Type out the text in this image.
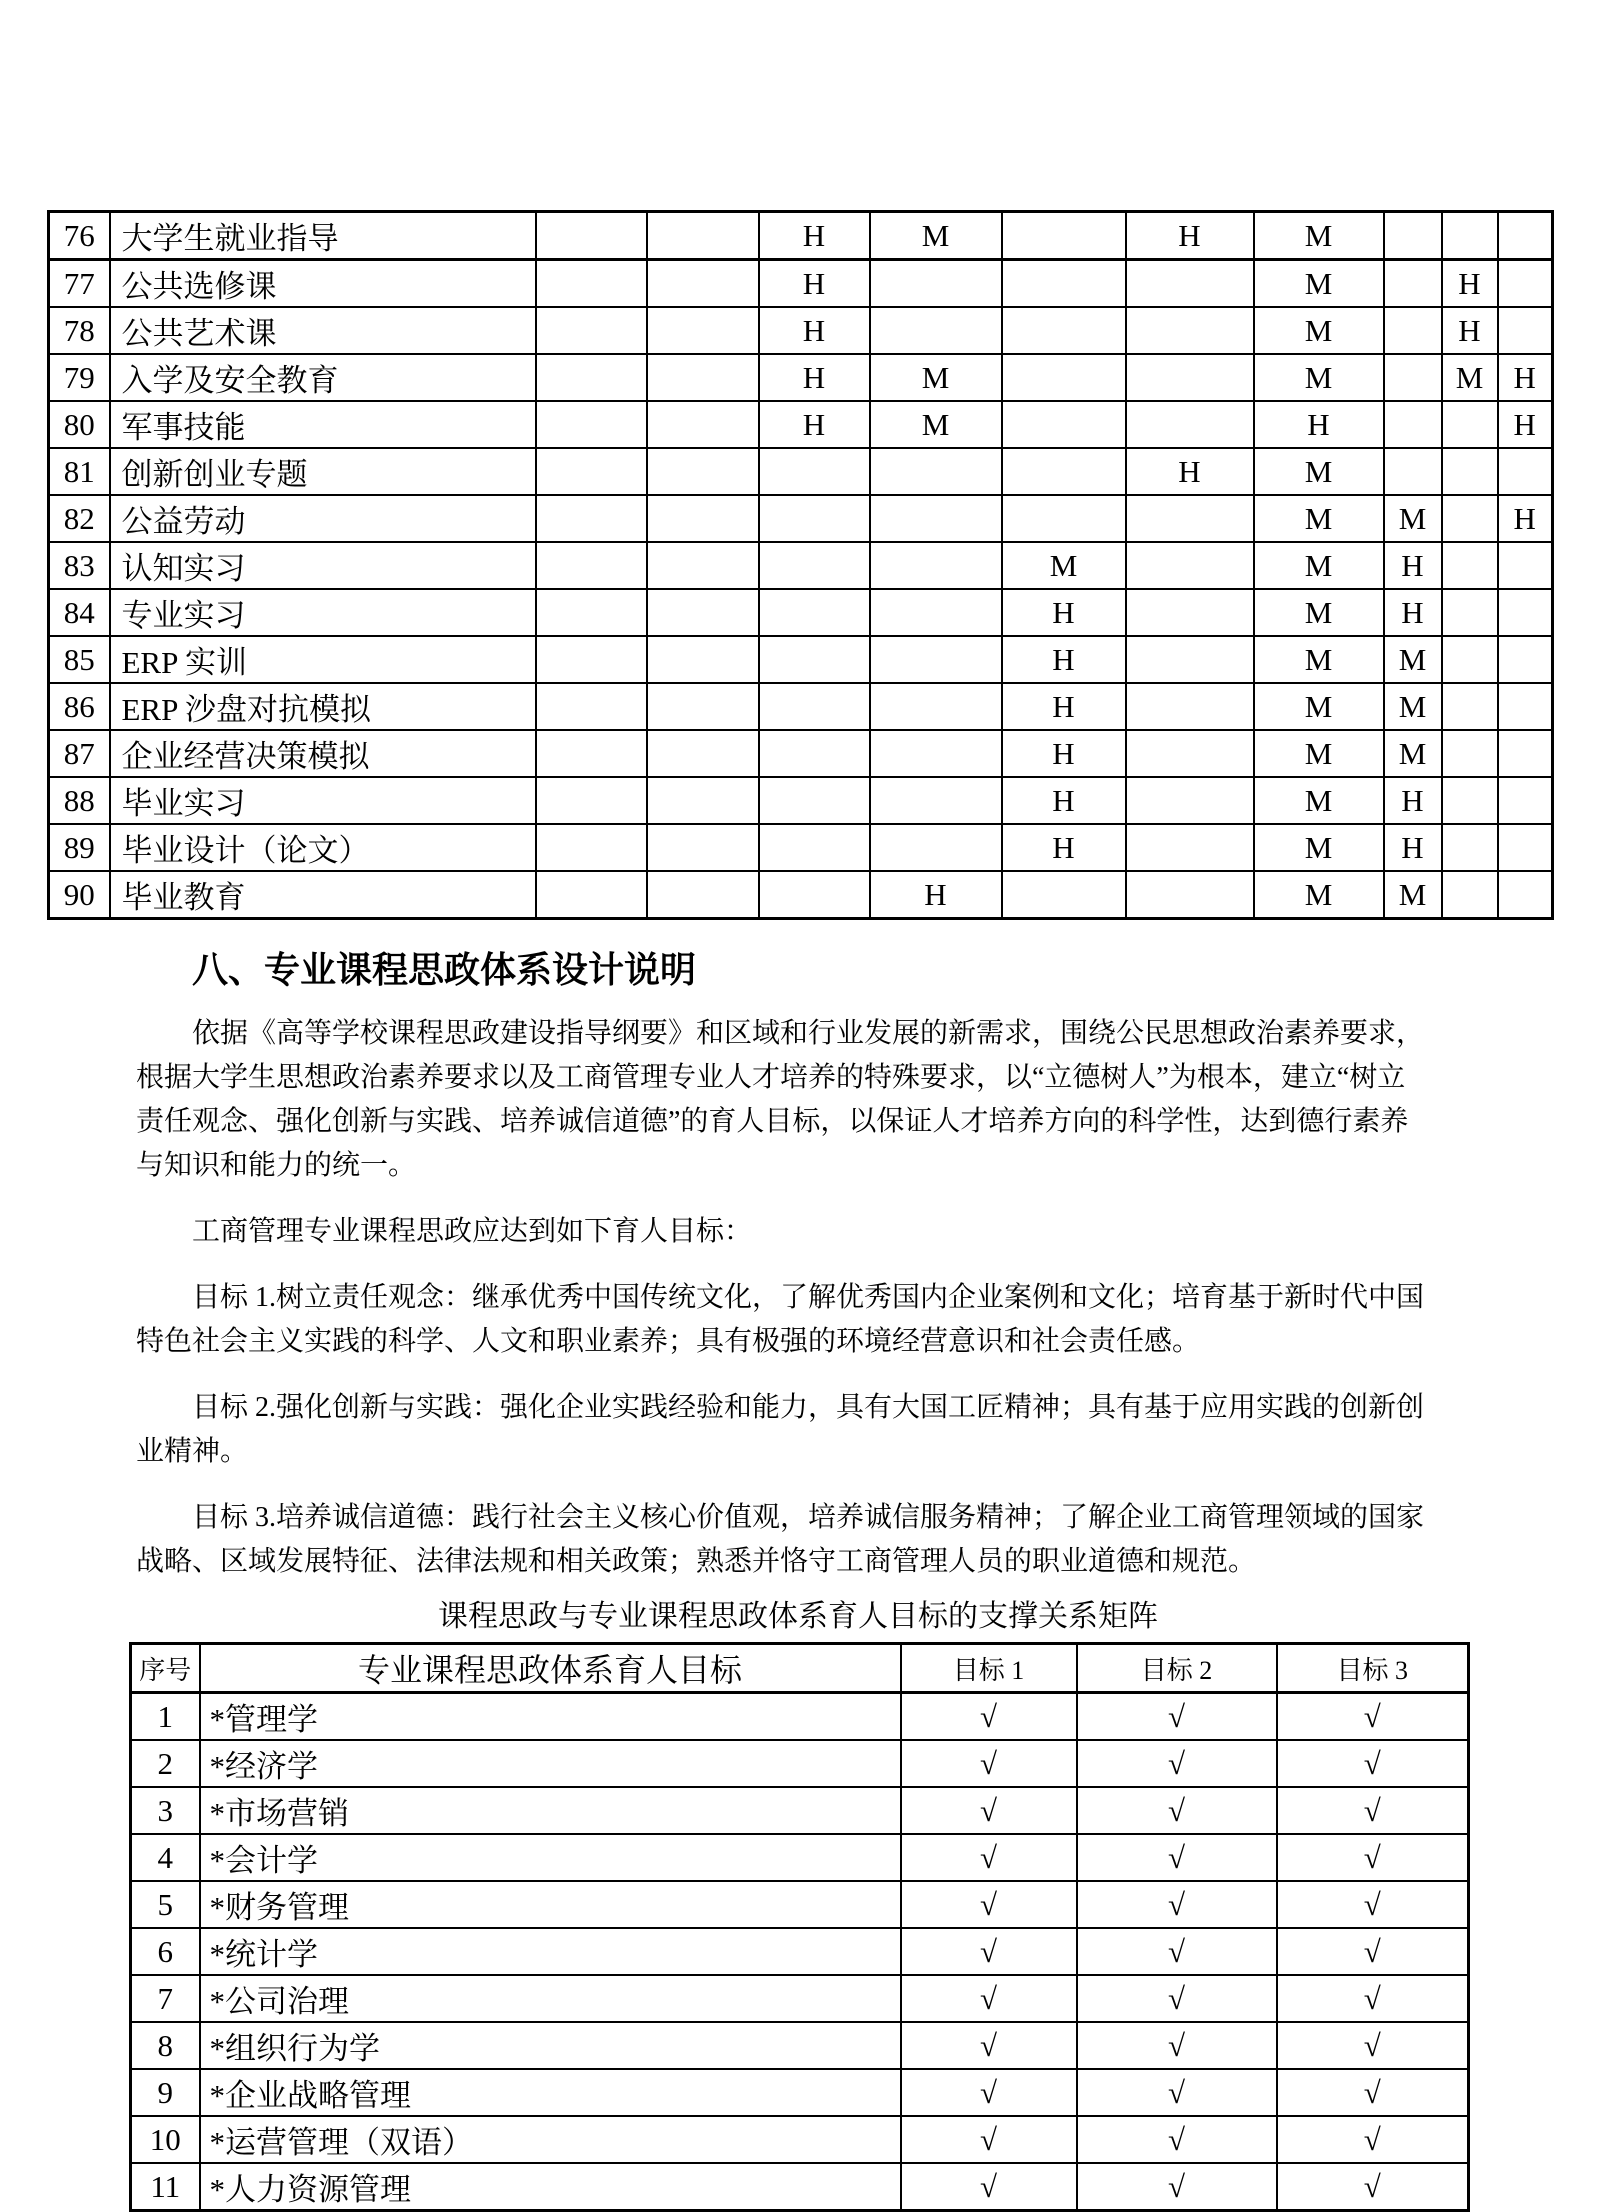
76	大学生就业指导			H	M		H	M			
77	公共选修课			H				M		H	
78	公共艺术课			H				M		H	
79	入学及安全教育			H	M			M		M	H
80	军事技能			H	M			H			H
81	创新创业专题						H	M			
82	公益劳动							M	M		H
83	认知实习					M		M	H		
84	专业实习					H		M	H		
85	ERP 实训					H		M	M		
86	ERP 沙盘对抗模拟					H		M	M		
87	企业经营决策模拟					H		M	M		
88	毕业实习					H		M	H		
89	毕业设计（论文）					H		M	H		
90	毕业教育				H			M	M		
八、专业课程思政体系设计说明
依据《高等学校课程思政建设指导纲要》和区域和行业发展的新需求，围绕公民思想政治素养要求，
根据大学生思想政治素养要求以及工商管理专业人才培养的特殊要求，以“立德树人”为根本，建立“树立
责任观念、强化创新与实践、培养诚信道德”的育人目标，以保证人才培养方向的科学性，达到德行素养
与知识和能力的统一。
工商管理专业课程思政应达到如下育人目标：
目标 1.树立责任观念：继承优秀中国传统文化，了解优秀国内企业案例和文化；培育基于新时代中国
特色社会主义实践的科学、人文和职业素养；具有极强的环境经营意识和社会责任感。
目标 2.强化创新与实践：强化企业实践经验和能力，具有大国工匠精神；具有基于应用实践的创新创
业精神。
目标 3.培养诚信道德：践行社会主义核心价值观，培养诚信服务精神；了解企业工商管理领域的国家
战略、区域发展特征、法律法规和相关政策；熟悉并恪守工商管理人员的职业道德和规范。
课程思政与专业课程思政体系育人目标的支撑关系矩阵
序号	专业课程思政体系育人目标	目标 1	目标 2	目标 3
1	*管理学	√	√	√
2	*经济学	√	√	√
3	*市场营销	√	√	√
4	*会计学	√	√	√
5	*财务管理	√	√	√
6	*统计学	√	√	√
7	*公司治理	√	√	√
8	*组织行为学	√	√	√
9	*企业战略管理	√	√	√
10	*运营管理（双语）	√	√	√
11	*人力资源管理	√	√	√
